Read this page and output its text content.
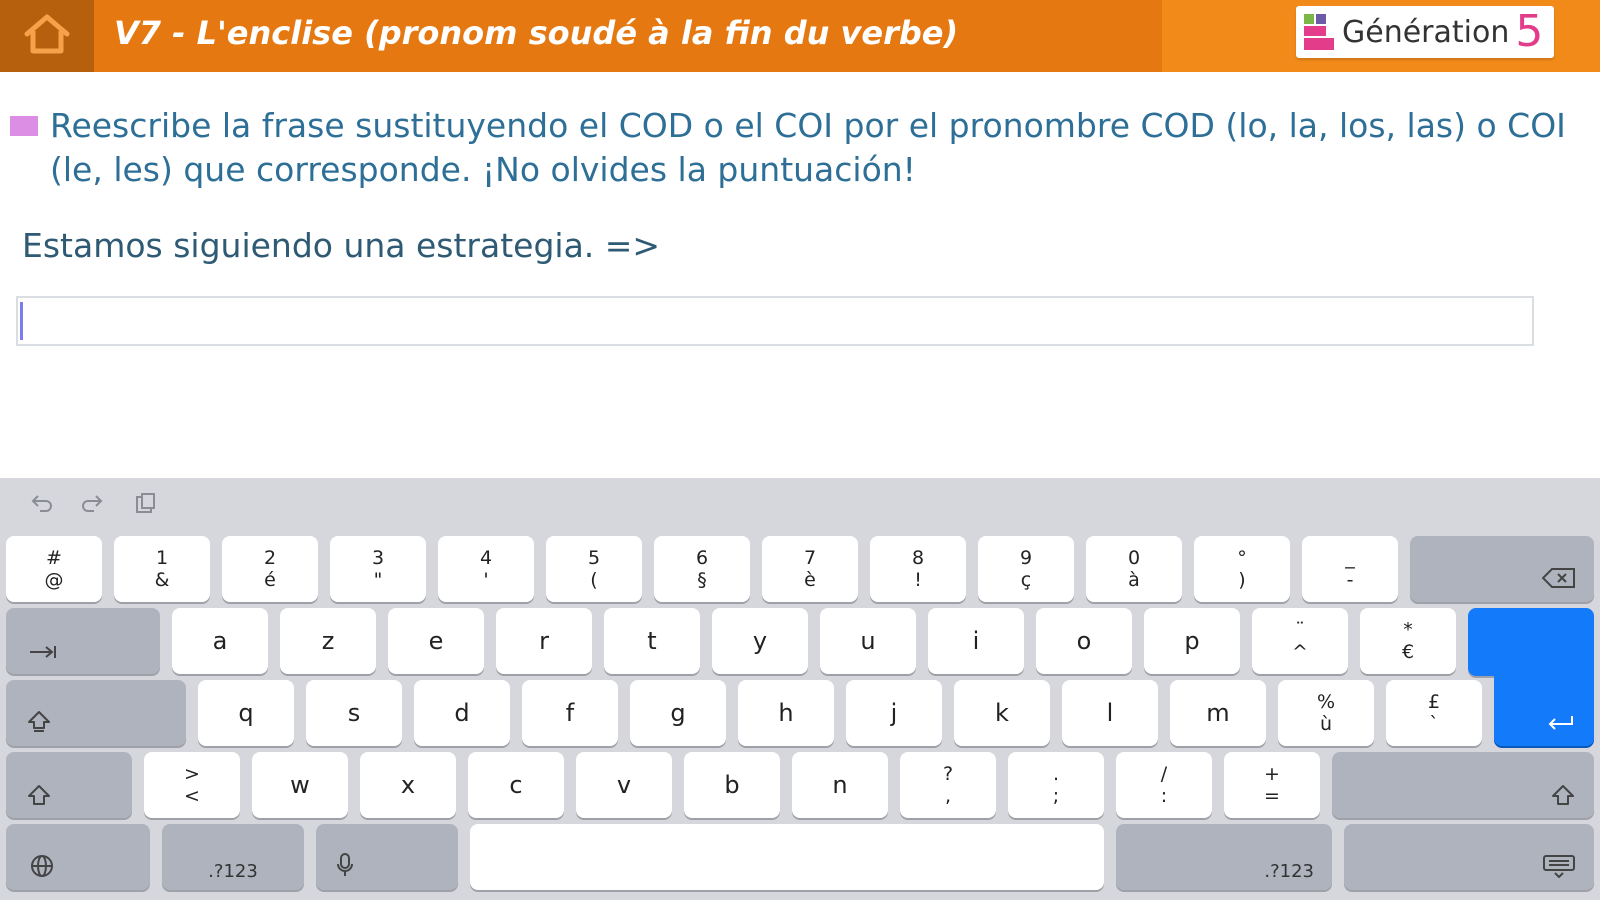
V7 - L'enclise (pronom soudé à la fin du verbe)	Génération 5
Reescribe la frase sustituyendo el COD o el COI por el pronombre COD (lo, la, los, las) o COI (le, les) que corresponde. ¡No olvides la puntuación!
Estamos siguiendo una estrategia. =>
#
@
1
&
2
é
3
"
4
'
5
(
6
§
7
è
8
!
9
ç
0
à
°
)
_
-
a	z	e	r	t	y	u	i	o	p	¨
^
*
€
q	s	d	f	g	h	j	k	l	m	%
ù
£
`
>
<	w	x	c	v	b	n	?
,
.
;
/
:
+
=
.?123	.?123
